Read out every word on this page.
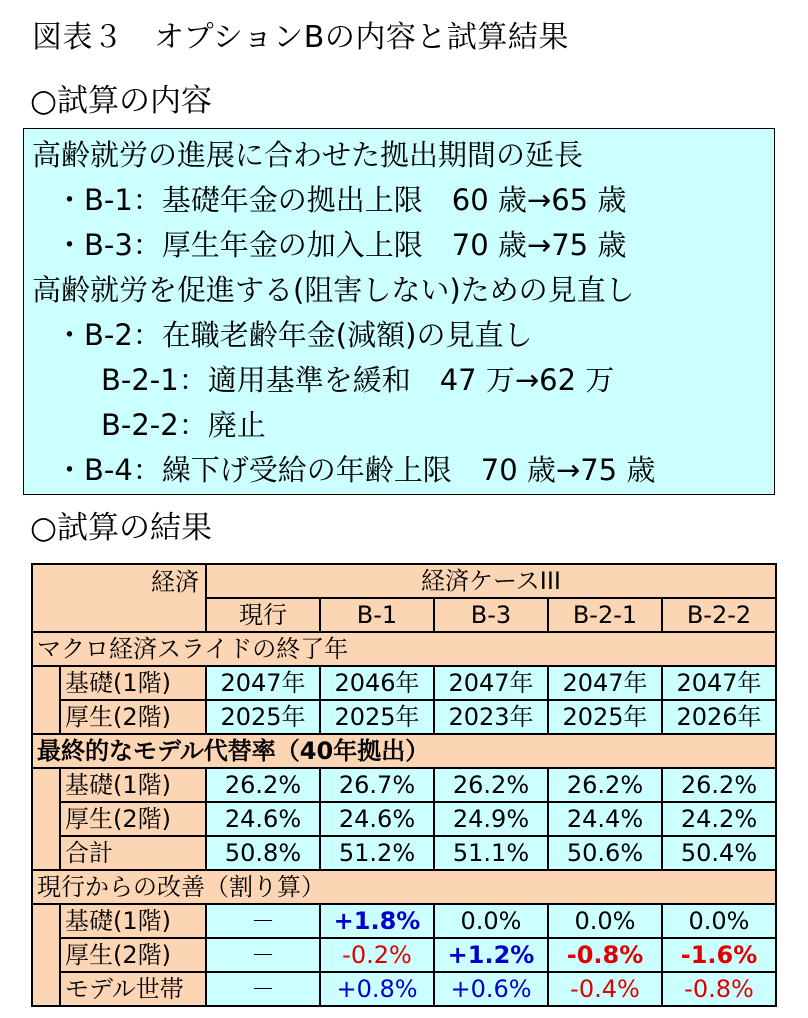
図表３　オプションBの内容と試算結果
○試算の内容
高齢就労の進展に合わせた拠出期間の延長
・B-1：基礎年金の拠出上限　60 歳→65 歳
・B-3：厚生年金の加入上限　70 歳→75 歳
高齢就労を促進する(阻害しない)ための見直し
・B-2：在職老齢年金(減額)の見直し
B-2-1：適用基準を緩和　47 万→62 万
B-2-2：廃止
・B-4：繰下げ受給の年齢上限　70 歳→75 歳
○試算の結果
経済		経済ケースIII				
		現行	B-1	B-3	B-2-1	B-2-2
マクロ経済スライドの終了年						
	基礎(1階)	2047年	2046年	2047年	2047年	2047年
	厚生(2階)	2025年	2025年	2023年	2025年	2026年
最終的なモデル代替率（40年拠出）						
	基礎(1階)	26.2%	26.7%	26.2%	26.2%	26.2%
	厚生(2階)	24.6%	24.6%	24.9%	24.4%	24.2%
	合計	50.8%	51.2%	51.1%	50.6%	50.4%
現行からの改善（割り算）						
	基礎(1階)	－	+1.8%	0.0%	0.0%	0.0%
	厚生(2階)	－	-0.2%	+1.2%	-0.8%	-1.6%
	モデル世帯	－	+0.8%	+0.6%	-0.4%	-0.8%
